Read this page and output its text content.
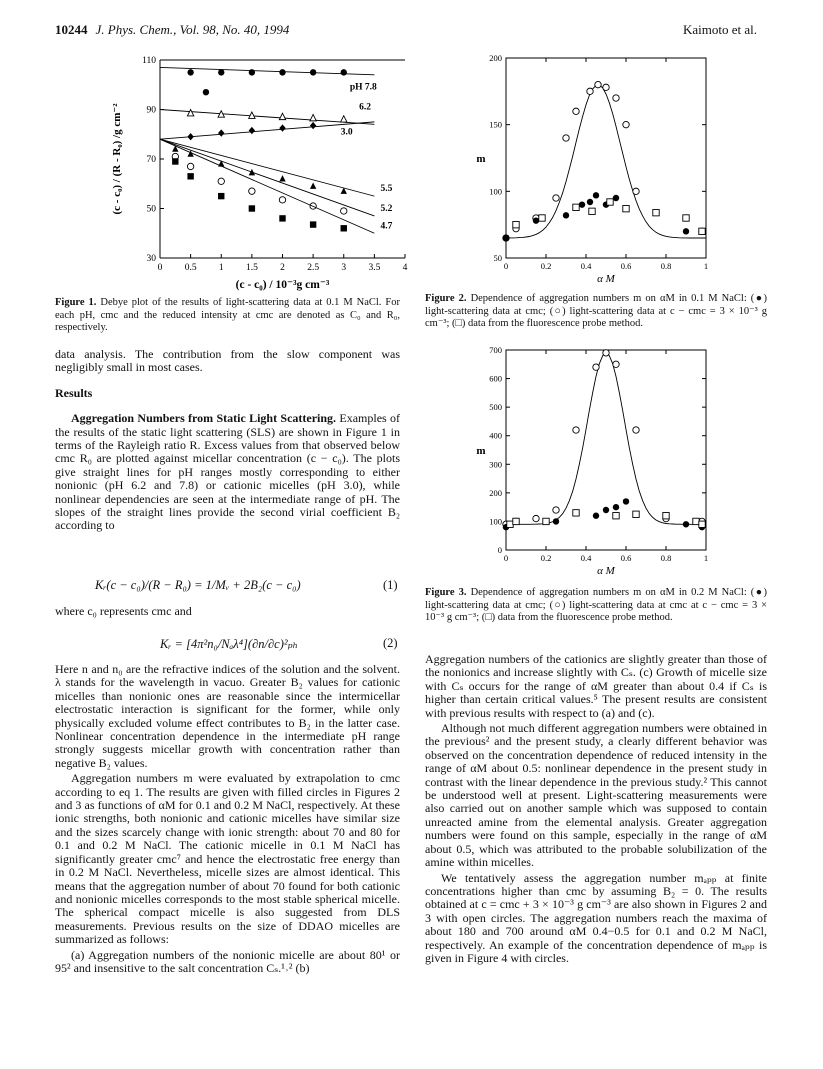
10244 J. Phys. Chem., Vol. 98, No. 40, 1994	Kaimoto et al.
0 0.5 1 1.5 2 2.5 3 3.5 4
30
50
70
90
110
pH 7.8
6.2
3.0
5.5
5.2
4.7
(c - c₀) / 10⁻³g cm⁻³
(c - c₀) / (R - R₀) /g cm⁻²
Figure 1. Debye plot of the results of light-scattering data at 0.1 M NaCl. For each pH, cmc and the reduced intensity at cmc are denoted as C₀ and R₀, respectively.
0	0.2	0.4	0.6	0.8	1
50
100
150
200
α M
m
Figure 2. Dependence of aggregation numbers m on αM in 0.1 M NaCl: (●) light-scattering data at cmc; (○) light-scattering data at c − cmc = 3 × 10⁻³ g cm⁻³; (□) data from the fluorescence probe method.
0	0.2	0.4	0.6	0.8	1
0
100
200
300
400
500
600
700
α M
m
Figure 3. Dependence of aggregation numbers m on αM in 0.2 M NaCl: (●) light-scattering data at cmc; (○) light-scattering data at cmc at c − cmc = 3 × 10⁻³ g cm⁻³; (□) data from the fluorescence probe method.

data analysis. The contribution from the slow component was negligibly small in most cases.

Results

Aggregation Numbers from Static Light Scattering. Examples of the results of the static light scattering (SLS) are shown in Figure 1 in terms of the Rayleigh ratio R. Excess values from that observed below cmc R₀ are plotted against micellar concentration (c − c₀). The plots give straight lines for pH ranges mostly corresponding to either nonionic (pH 6.2 and 7.8) or cationic micelles (pH 3.0), while nonlinear dependencies are seen at the intermediate range of pH. The slopes of the straight lines provide the second virial coefficient B₂ according to

Kᵣ(c − c₀)/(R − R₀) = 1/Mᵥ + 2B₂(c − c₀)	(1)
where c₀ represents cmc and
Kᵣ = [4π²n₀/Nₐλ⁴](∂n/∂c)²ₚₕ	(2)

Here n and n₀ are the refractive indices of the solution and the solvent. λ stands for the wavelength in vacuo. Greater B₂ values for cationic micelles than nonionic ones are reasonable since the intermicellar electrostatic interaction is significant for the former, while only physically excluded volume effect contributes to B₂ in the latter case. Nonlinear concentration dependence in the intermediate pH range strongly suggests micellar growth with concentration rather than negative B₂ values.

Aggregation numbers m were evaluated by extrapolation to cmc according to eq 1. The results are given with filled circles in Figures 2 and 3 as functions of αM for 0.1 and 0.2 M NaCl, respectively. At these ionic strengths, both nonionic and cationic micelles have similar size and the sizes scarcely change with ionic strength: about 70 and 80 for 0.1 and 0.2 M NaCl. The cationic micelle in 0.1 M NaCl has significantly greater cmc⁷ and hence the electrostatic free energy than in 0.2 M NaCl. Nevertheless, micelle sizes are almost identical. This means that the aggregation number of about 70 found for both cationic and nonionic micelles corresponds to the most stable spherical micelle. The spherical compact micelle is also suggested from DLS measurements. Previous results on the size of DDAO micelles are summarized as follows:

(a) Aggregation numbers of the nonionic micelle are about 80¹ or 95² and insensitive to the salt concentration Cₛ.¹˒² (b)

Aggregation numbers of the cationics are slightly greater than those of the nonionics and increase slightly with Cₛ. (c) Growth of micelle size with Cₛ occurs for the range of αM greater than about 0.4 if Cₛ is higher than certain critical values.⁵ The present results are consistent with previous results with respect to (a) and (c).

Although not much different aggregation numbers were obtained in the previous² and the present study, a clearly different behavior was observed on the concentration dependence of reduced intensity in the range of αM about 0.5: nonlinear dependence in the present study in contrast with the linear dependence in the previous study.² This cannot be understood well at present. Light-scattering measurements were also carried out on another sample which was supposed to contain unreacted amine from the elemental analysis. Greater aggregation numbers were found on this sample, especially in the range of αM about 0.5, which was attributed to the probable solubilization of the amine within micelles.

We tentatively assess the aggregation number mₐₚₚ at finite concentrations higher than cmc by assuming B₂ = 0. The results obtained at c = cmc + 3 × 10⁻³ g cm⁻³ are also shown in Figures 2 and 3 with open circles. The aggregation numbers reach the maxima of about 180 and 700 around αM 0.4−0.5 for 0.1 and 0.2 M NaCl, respectively. An example of the concentration dependence of mₐₚₚ is given in Figure 4 with circles.
